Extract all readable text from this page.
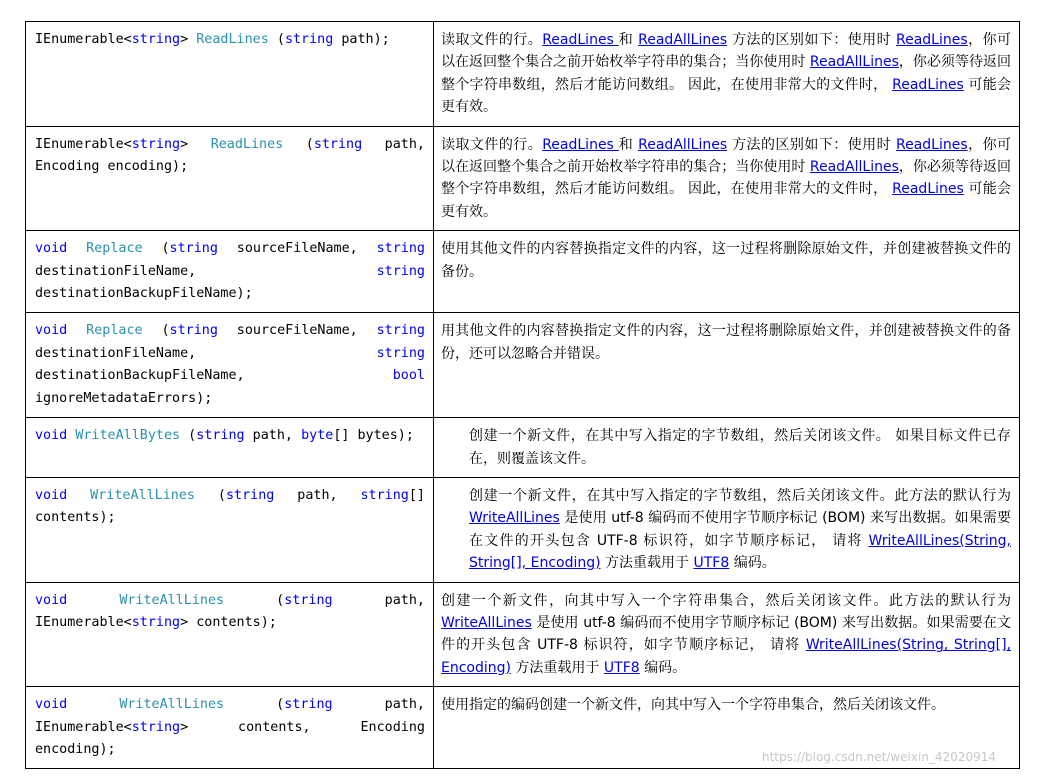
IEnumerable<string> ReadLines (string path);	读取文件的行。ReadLines 和 ReadAllLines 方法的区别如下：使用时 ReadLines，你可以在返回整个集合之前开始枚举字符串的集合；当你使用时 ReadAllLines，你必须等待返回整个字符串数组，然后才能访问数组。 因此，在使用非常大的文件时， ReadLines 可能会更有效。

IEnumerable<string> ReadLines (string path, Encoding encoding);	读取文件的行。ReadLines 和 ReadAllLines 方法的区别如下：使用时 ReadLines，你可以在返回整个集合之前开始枚举字符串的集合；当你使用时 ReadAllLines，你必须等待返回整个字符串数组，然后才能访问数组。 因此，在使用非常大的文件时， ReadLines 可能会更有效。

void Replace (string sourceFileName, string destinationFileName, string destinationBackupFileName);	使用其他文件的内容替换指定文件的内容，这一过程将删除原始文件，并创建被替换文件的备份。

void Replace (string sourceFileName, string destinationFileName, string destinationBackupFileName, bool ignoreMetadataErrors);	用其他文件的内容替换指定文件的内容，这一过程将删除原始文件，并创建被替换文件的备份，还可以忽略合并错误。

void WriteAllBytes (string path, byte[] bytes);	创建一个新文件，在其中写入指定的字节数组，然后关闭该文件。 如果目标文件已存在，则覆盖该文件。

void WriteAllLines (string path, string[] contents);	创建一个新文件，在其中写入指定的字节数组，然后关闭该文件。此方法的默认行为 WriteAllLines 是使用 utf-8 编码而不使用字节顺序标记 (BOM) 来写出数据。如果需要在文件的开头包含 UTF-8 标识符，如字节顺序标记， 请将 WriteAllLines(String, String[], Encoding) 方法重载用于 UTF8 编码。

void WriteAllLines (string path, IEnumerable<string> contents);	创建一个新文件，向其中写入一个字符串集合，然后关闭该文件。此方法的默认行为 WriteAllLines 是使用 utf-8 编码而不使用字节顺序标记 (BOM) 来写出数据。如果需要在文件的开头包含 UTF-8 标识符，如字节顺序标记， 请将 WriteAllLines(String, String[], Encoding) 方法重载用于 UTF8 编码。

void WriteAllLines (string path, IEnumerable<string> contents, Encoding encoding);	使用指定的编码创建一个新文件，向其中写入一个字符串集合，然后关闭该文件。
https://blog.csdn.net/weixin_42020914
